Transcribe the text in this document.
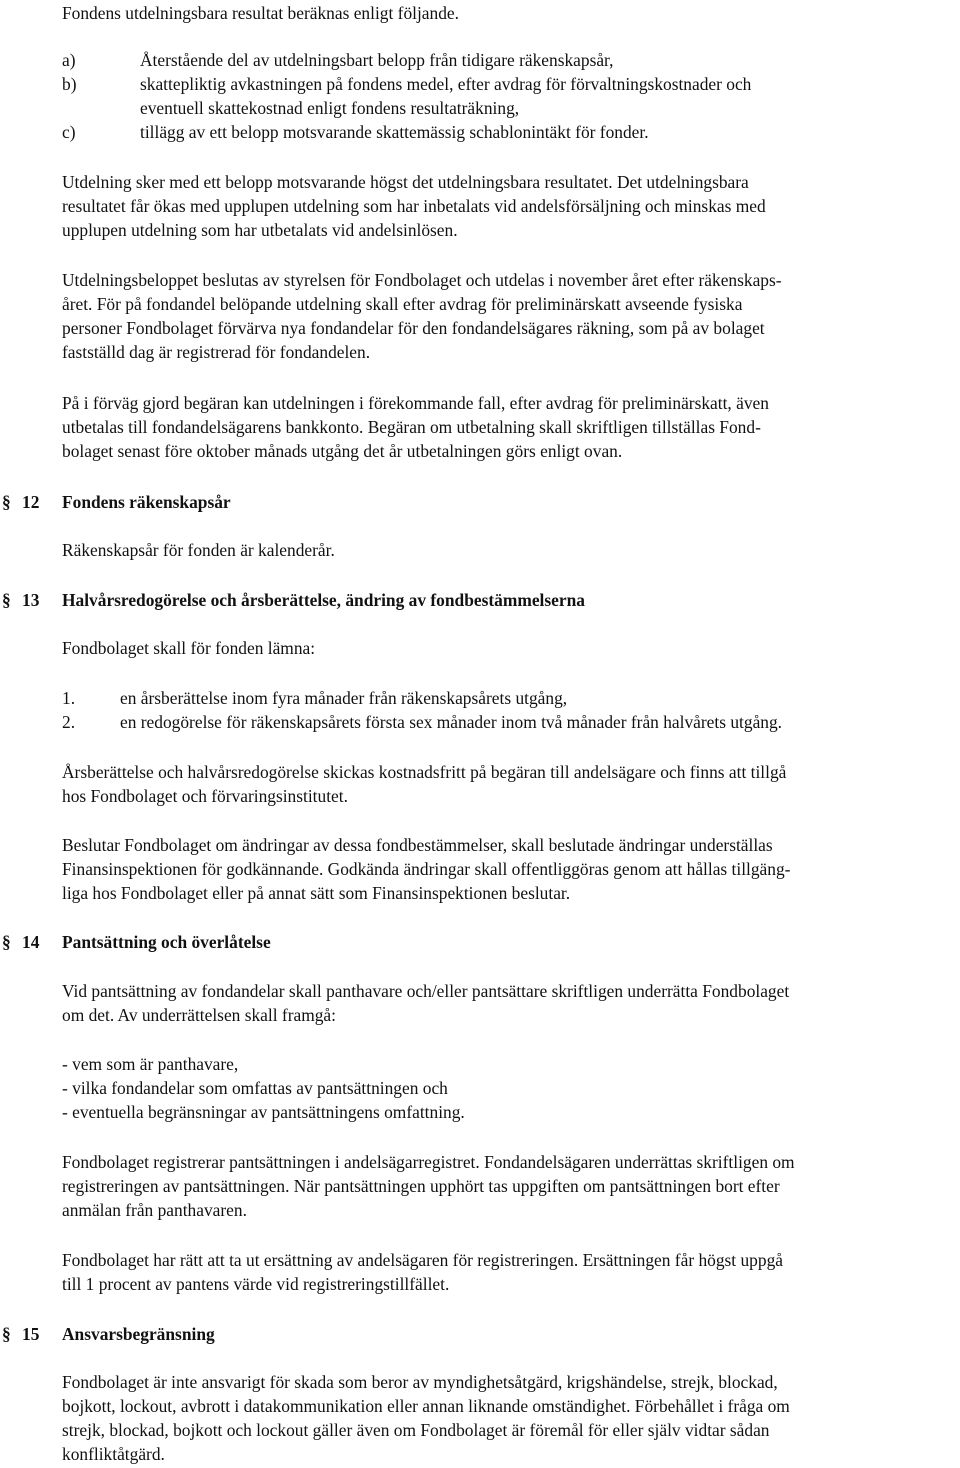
Fondens utdelningsbara resultat beräknas enligt följande.

a)	Återstående del av utdelningsbart belopp från tidigare räkenskapsår,
b)	skattepliktig avkastningen på fondens medel, efter avdrag för förvaltningskostnader och
eventuell skattekostnad enligt fondens resultaträkning,
c)	tillägg av ett belopp motsvarande skattemässig schablonintäkt för fonder.

Utdelning sker med ett belopp motsvarande högst det utdelningsbara resultatet. Det utdelningsbara
resultatet får ökas med upplupen utdelning som har inbetalats vid andelsförsäljning och minskas med
upplupen utdelning som har utbetalats vid andelsinlösen.

Utdelningsbeloppet beslutas av styrelsen för Fondbolaget och utdelas i november året efter räkenskaps-
året. För på fondandel belöpande utdelning skall efter avdrag för preliminärskatt avseende fysiska
personer Fondbolaget förvärva nya fondandelar för den fondandelsägares räkning, som på av bolaget
fastställd dag är registrerad för fondandelen.

På i förväg gjord begäran kan utdelningen i förekommande fall, efter avdrag för preliminärskatt, även
utbetalas till fondandelsägarens bankkonto. Begäran om utbetalning skall skriftligen tillställas Fond-
bolaget senast före oktober månads utgång det år utbetalningen görs enligt ovan.

§ 12 Fondens räkenskapsår

Räkenskapsår för fonden är kalenderår.

§ 13 Halvårsredogörelse och årsberättelse, ändring av fondbestämmelserna

Fondbolaget skall för fonden lämna:

1.	en årsberättelse inom fyra månader från räkenskapsårets utgång,
2.	en redogörelse för räkenskapsårets första sex månader inom två månader från halvårets utgång.

Årsberättelse och halvårsredogörelse skickas kostnadsfritt på begäran till andelsägare och finns att tillgå
hos Fondbolaget och förvaringsinstitutet.

Beslutar Fondbolaget om ändringar av dessa fondbestämmelser, skall beslutade ändringar underställas
Finansinspektionen för godkännande. Godkända ändringar skall offentliggöras genom att hållas tillgäng-
liga hos Fondbolaget eller på annat sätt som Finansinspektionen beslutar.

§ 14 Pantsättning och överlåtelse

Vid pantsättning av fondandelar skall panthavare och/eller pantsättare skriftligen underrätta Fondbolaget
om det. Av underrättelsen skall framgå:

- vem som är panthavare,
- vilka fondandelar som omfattas av pantsättningen och
- eventuella begränsningar av pantsättningens omfattning.

Fondbolaget registrerar pantsättningen i andelsägarregistret. Fondandelsägaren underrättas skriftligen om
registreringen av pantsättningen. När pantsättningen upphört tas uppgiften om pantsättningen bort efter
anmälan från panthavaren.

Fondbolaget har rätt att ta ut ersättning av andelsägaren för registreringen. Ersättningen får högst uppgå
till 1 procent av pantens värde vid registreringstillfället.

§ 15 Ansvarsbegränsning

Fondbolaget är inte ansvarigt för skada som beror av myndighetsåtgärd, krigshändelse, strejk, blockad,
bojkott, lockout, avbrott i datakommunikation eller annan liknande omständighet. Förbehållet i fråga om
strejk, blockad, bojkott och lockout gäller även om Fondbolaget är föremål för eller själv vidtar sådan
konfliktåtgärd.
